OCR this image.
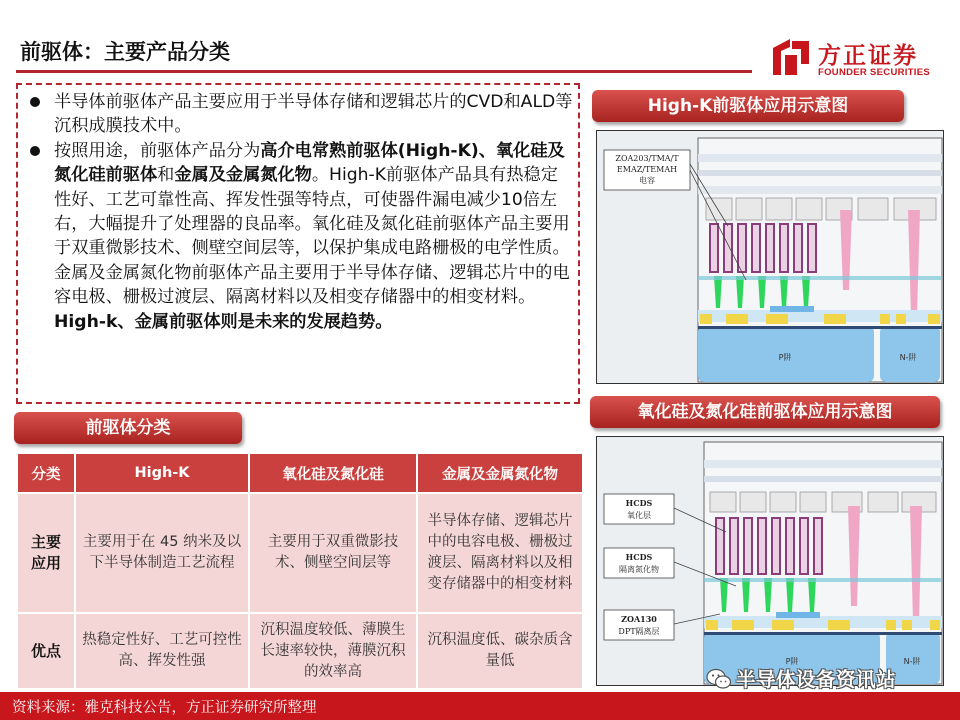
前驱体：主要产品分类	方正证券
FOUNDER SECURITIES
半导体前驱体产品主要应用于半导体存储和逻辑芯片的CVD和ALD等沉积成膜技术中。
按照用途，前驱体产品分为高介电常熟前驱体(High-K)、氧化硅及氮化硅前驱体和金属及金属氮化物。High-K前驱体产品具有热稳定性好、工艺可靠性高、挥发性强等特点，可使器件漏电减少10倍左右，大幅提升了处理器的良品率。氧化硅及氮化硅前驱体产品主要用于双重微影技术、侧壁空间层等，以保护集成电路栅极的电学性质。金属及金属氮化物前驱体产品主要用于半导体存储、逻辑芯片中的电容电极、栅极过渡层、隔离材料以及相变存储器中的相变材料。High-k、金属前驱体则是未来的发展趋势。
前驱体分类
分类	High-K	氧化硅及氮化硅	金属及金属氮化物
主要应用	主要用于在 45 纳米及以下半导体制造工艺流程	主要用于双重微影技术、侧壁空间层等	半导体存储、逻辑芯片中的电容电极、栅极过渡层、隔离材料以及相变存储器中的相变材料
优点	热稳定性好、工艺可控性高、挥发性强	沉积温度较低、薄膜生长速率较快，薄膜沉积的效率高	沉积温度低、碳杂质含量低
High-K前驱体应用示意图
P阱	N-阱
ZOA203/TMA/T
EMAZ/TEMAH
电容
氧化硅及氮化硅前驱体应用示意图
P阱	N-阱
HCDS
氧化层
HCDS
隔离氮化物
ZOA130
DPT隔离层
资料来源：雅克科技公告，方正证券研究所整理
半导体设备资讯站
